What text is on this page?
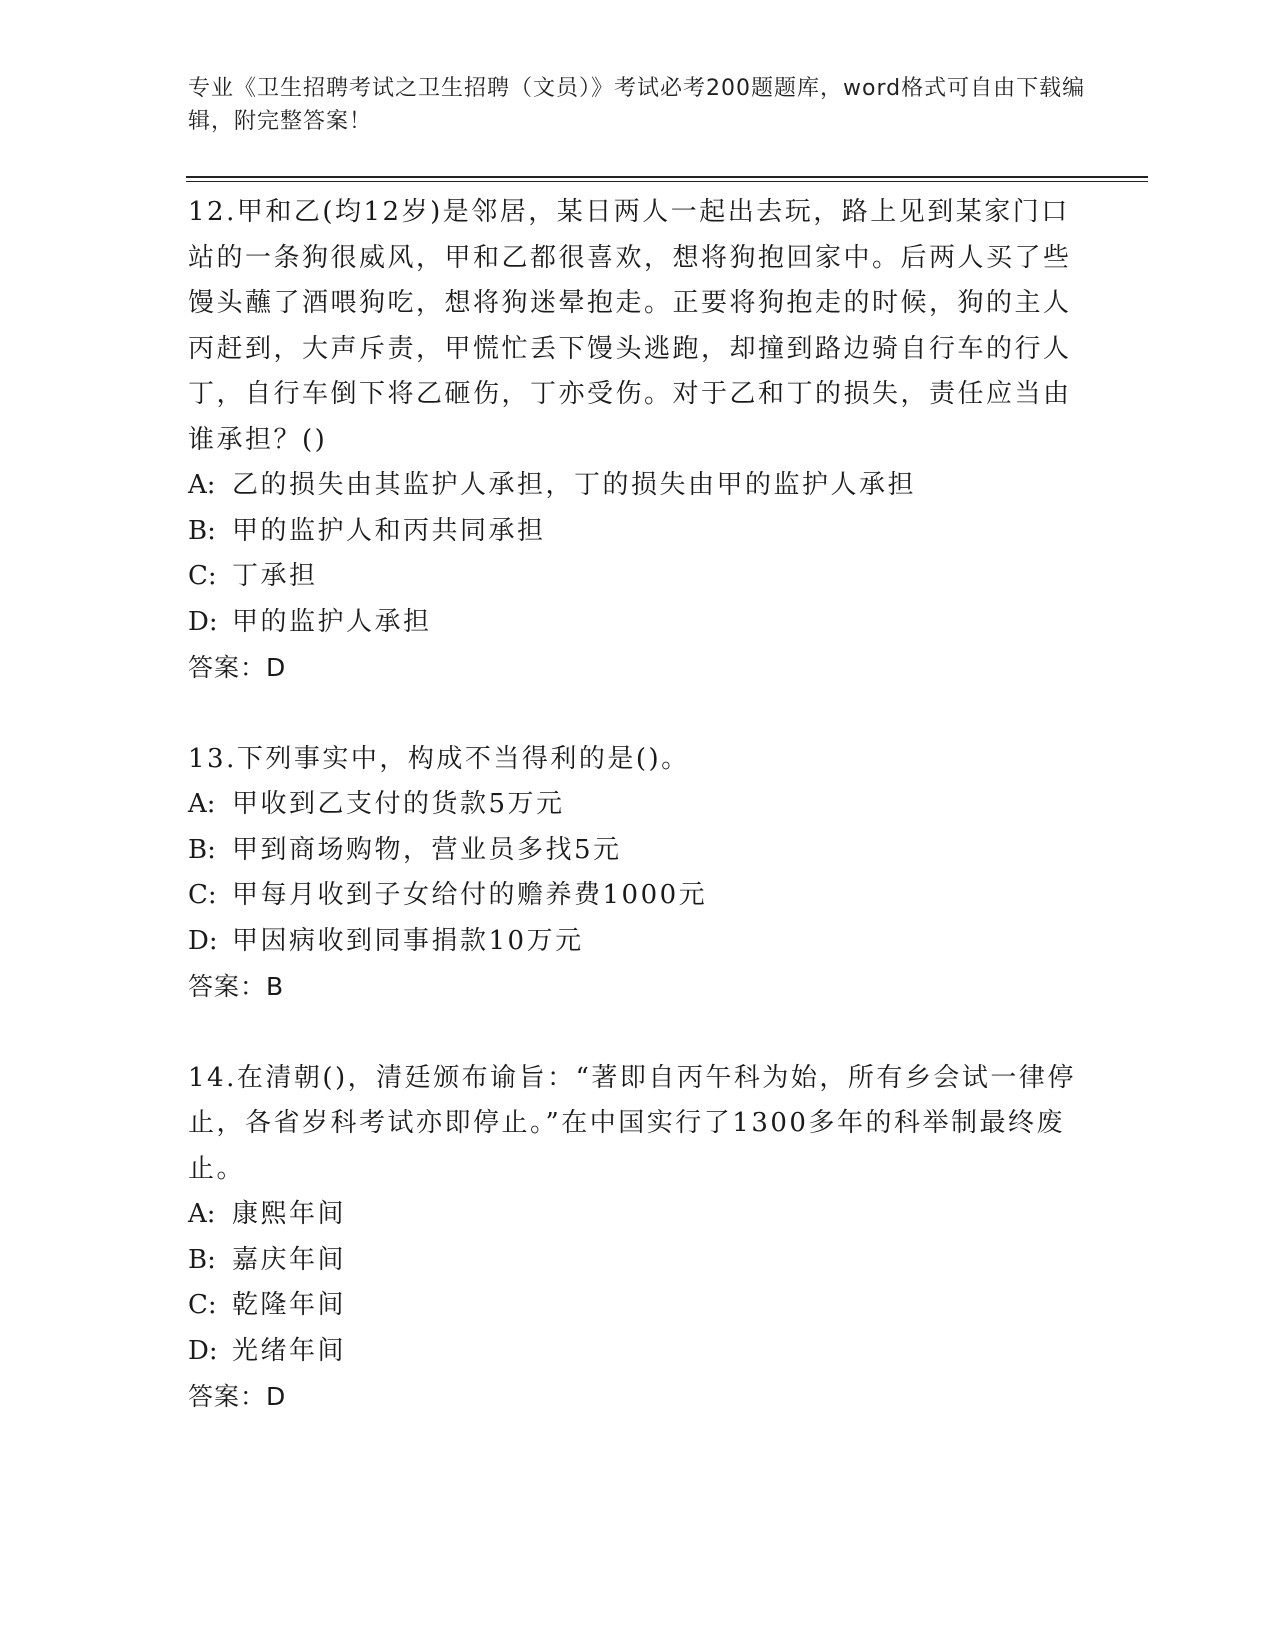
专业《卫生招聘考试之卫生招聘（文员）》考试必考200题题库，word格式可自由下载编辑，附完整答案！

12.甲和乙(均12岁)是邻居，某日两人一起出去玩，路上见到某家门口站的一条狗很威风，甲和乙都很喜欢，想将狗抱回家中。后两人买了些馒头蘸了酒喂狗吃，想将狗迷晕抱走。正要将狗抱走的时候，狗的主人丙赶到，大声斥责，甲慌忙丢下馒头逃跑，却撞到路边骑自行车的行人丁，自行车倒下将乙砸伤，丁亦受伤。对于乙和丁的损失，责任应当由谁承担？()

A: 乙的损失由其监护人承担，丁的损失由甲的监护人承担

B: 甲的监护人和丙共同承担

C: 丁承担

D: 甲的监护人承担

答案：D

13.下列事实中，构成不当得利的是()。

A: 甲收到乙支付的货款5万元

B: 甲到商场购物，营业员多找5元

C: 甲每月收到子女给付的赡养费1000元

D: 甲因病收到同事捐款10万元

答案：B

14.在清朝()，清廷颁布谕旨：“著即自丙午科为始，所有乡会试一律停止，各省岁科考试亦即停止。”在中国实行了1300多年的科举制最终废止。

A: 康熙年间

B: 嘉庆年间

C: 乾隆年间

D: 光绪年间

答案：D
